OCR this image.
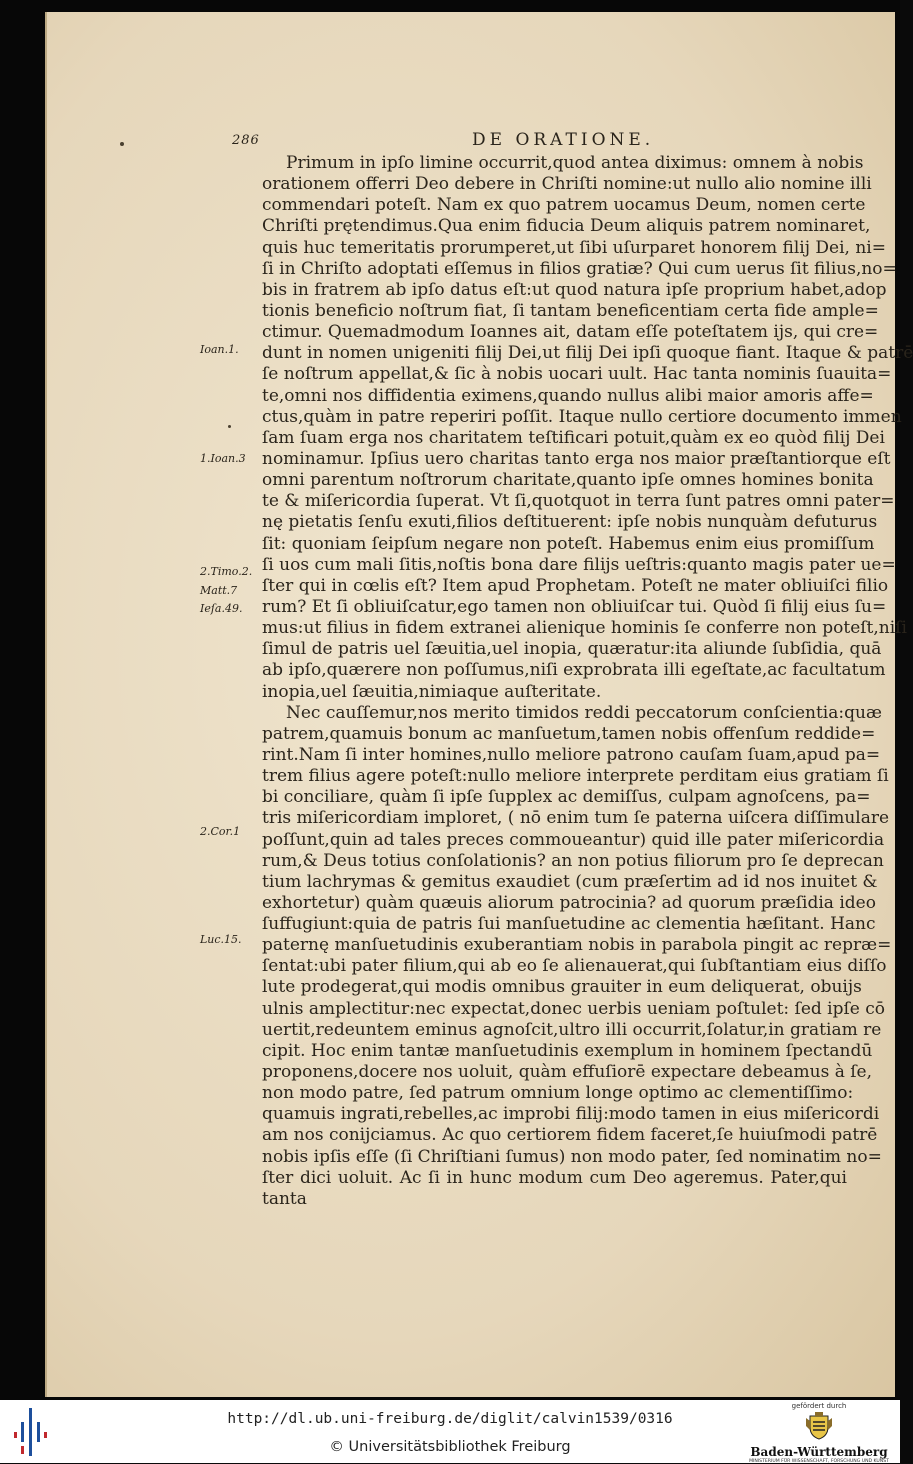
286	DE ORATIONE.
Ioan.1.
1.Ioan.3
2.Timo.2.
Matt.7
Ieſa.49.
2.Cor.1
Luc.15.
Primum in ipſo limine occurrit,quod antea diximus: omnem à nobis
orationem offerri Deo debere in Chriſti nomine:ut nullo alio nomine illi
commendari poteſt. Nam ex quo patrem uocamus Deum, nomen certe
Chriſti prętendimus.Qua enim fiducia Deum aliquis patrem nominaret,
quis huc temeritatis prorumperet,ut ſibi uſurparet honorem filij Dei, ni=
ſi in Chriſto adoptati eſſemus in filios gratiæ? Qui cum uerus ſit filius,no=
bis in fratrem ab ipſo datus eſt:ut quod natura ipſe proprium habet,adop
tionis beneficio noſtrum fiat, ſi tantam beneficentiam certa fide ample=
ctimur. Quemadmodum Ioannes ait, datam eſſe poteſtatem ijs, qui cre=
dunt in nomen unigeniti filij Dei,ut filij Dei ipſi quoque fiant. Itaque & patrē
ſe noſtrum appellat,& ſic à nobis uocari uult. Hac tanta nominis ſuauita=
te,omni nos diffidentia eximens,quando nullus alibi maior amoris affe=
ctus,quàm in patre reperiri poſſit. Itaque nullo certiore documento immen
ſam ſuam erga nos charitatem teſtificari potuit,quàm ex eo quòd filij Dei
nominamur. Ipſius uero charitas tanto erga nos maior præſtantiorque eſt
omni parentum noſtrorum charitate,quanto ipſe omnes homines bonita
te & miſericordia ſuperat. Vt ſi,quotquot in terra ſunt patres omni pater=
nę pietatis ſenſu exuti,filios deſtituerent: ipſe nobis nunquàm defuturus
ſit: quoniam ſeipſum negare non poteſt. Habemus enim eius promiſſum
ſi uos cum mali ſitis,noſtis bona dare filijs ueſtris:quanto magis pater ue=
ſter qui in cœlis eſt? Item apud Prophetam. Poteſt ne mater obliuiſci filio
rum? Et ſi obliuiſcatur,ego tamen non obliuiſcar tui. Quòd ſi filij eius ſu=
mus:ut filius in fidem extranei alienique hominis ſe conferre non poteſt,niſi
ſimul de patris uel ſæuitia,uel inopia, quæratur:ita aliunde ſubſidia, quā
ab ipſo,quærere non poſſumus,niſi exprobrata illi egeſtate,ac facultatum
inopia,uel ſæuitia,nimiaque auſteritate.
Nec cauſſemur,nos merito timidos reddi peccatorum conſcientia:quæ
patrem,quamuis bonum ac manſuetum,tamen nobis offenſum reddide=
rint.Nam ſi inter homines,nullo meliore patrono cauſam ſuam,apud pa=
trem filius agere poteſt:nullo meliore interprete perditam eius gratiam ſi
bi conciliare, quàm ſi ipſe ſupplex ac demiſſus, culpam agnoſcens, pa=
tris miſericordiam imploret, ( nō enim tum ſe paterna uiſcera diſſimulare
poſſunt,quin ad tales preces commoueantur) quid ille pater miſericordia
rum,& Deus totius conſolationis? an non potius filiorum pro ſe deprecan
tium lachrymas & gemitus exaudiet (cum præſertim ad id nos inuitet &
exhortetur) quàm quæuis aliorum patrocinia? ad quorum præſidia ideo
ſuffugiunt:quia de patris ſui manſuetudine ac clementia hæſitant. Hanc
paternę manſuetudinis exuberantiam nobis in parabola pingit ac repræ=
ſentat:ubi pater filium,qui ab eo ſe alienauerat,qui ſubſtantiam eius diſſo
lute prodegerat,qui modis omnibus grauiter in eum deliquerat, obuijs
ulnis amplectitur:nec expectat,donec uerbis ueniam poſtulet: ſed ipſe cō
uertit,redeuntem eminus agnoſcit,ultro illi occurrit,ſolatur,in gratiam re
cipit. Hoc enim tantæ manſuetudinis exemplum in hominem ſpectandū
proponens,docere nos uoluit, quàm effuſiorē expectare debeamus à ſe,
non modo patre, ſed patrum omnium longe optimo ac clementiſſimo:
quamuis ingrati,rebelles,ac improbi filij:modo tamen in eius miſericordi
am nos conijciamus. Ac quo certiorem fidem faceret,ſe huiuſmodi patrē
nobis ipſis eſſe (ſi Chriſtiani ſumus) non modo pater, ſed nominatim no=
ſter dici uoluit. Ac ſi in hunc modum cum Deo ageremus. Pater,qui
tanta
http://dl.ub.uni-freiburg.de/diglit/calvin1539/0316
© Universitätsbibliothek Freiburg
gefördert durch
Baden-Württemberg
MINISTERIUM FÜR WISSENSCHAFT, FORSCHUNG UND KUNST
